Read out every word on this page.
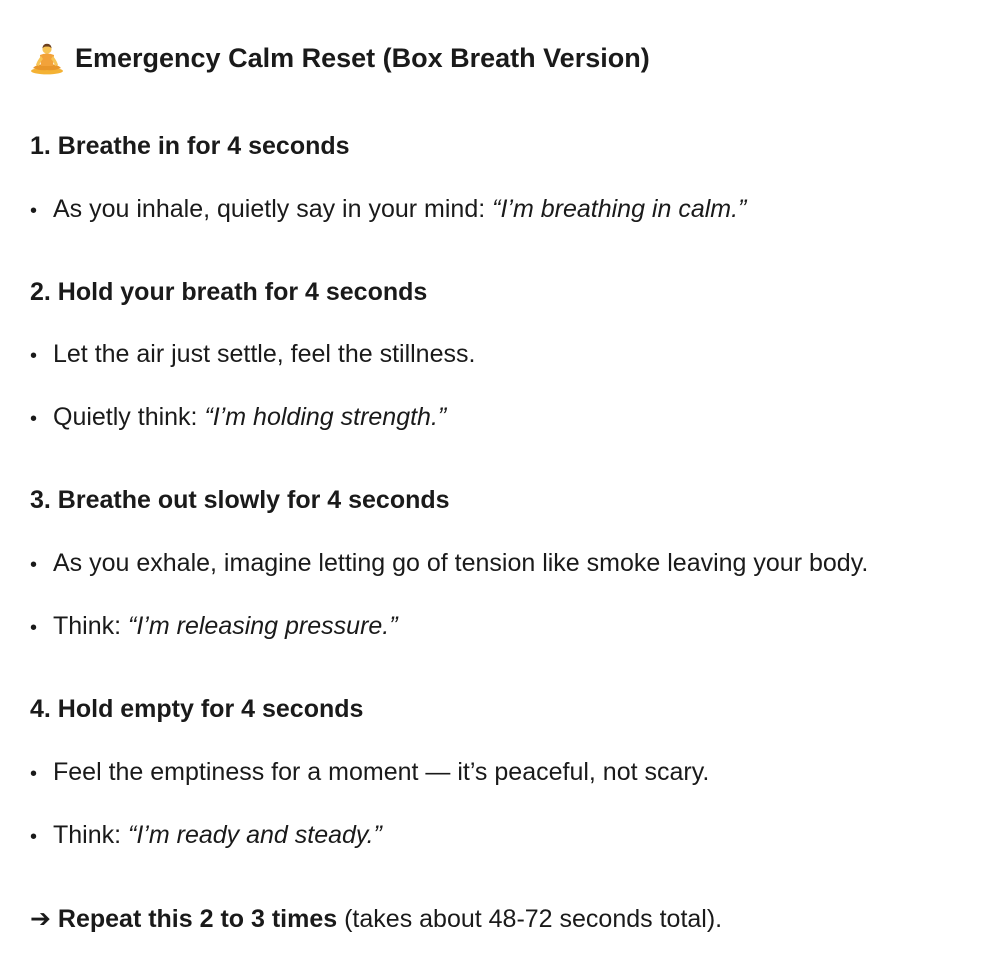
Emergency Calm Reset (Box Breath Version)
1. Breathe in for 4 seconds
• As you inhale, quietly say in your mind: “I’m breathing in calm.”
2. Hold your breath for 4 seconds
• Let the air just settle, feel the stillness.
• Quietly think: “I’m holding strength.”
3. Breathe out slowly for 4 seconds
• As you exhale, imagine letting go of tension like smoke leaving your body.
• Think: “I’m releasing pressure.”
4. Hold empty for 4 seconds
• Feel the emptiness for a moment — it’s peaceful, not scary.
• Think: “I’m ready and steady.”
➔ Repeat this 2 to 3 times (takes about 48-72 seconds total).
